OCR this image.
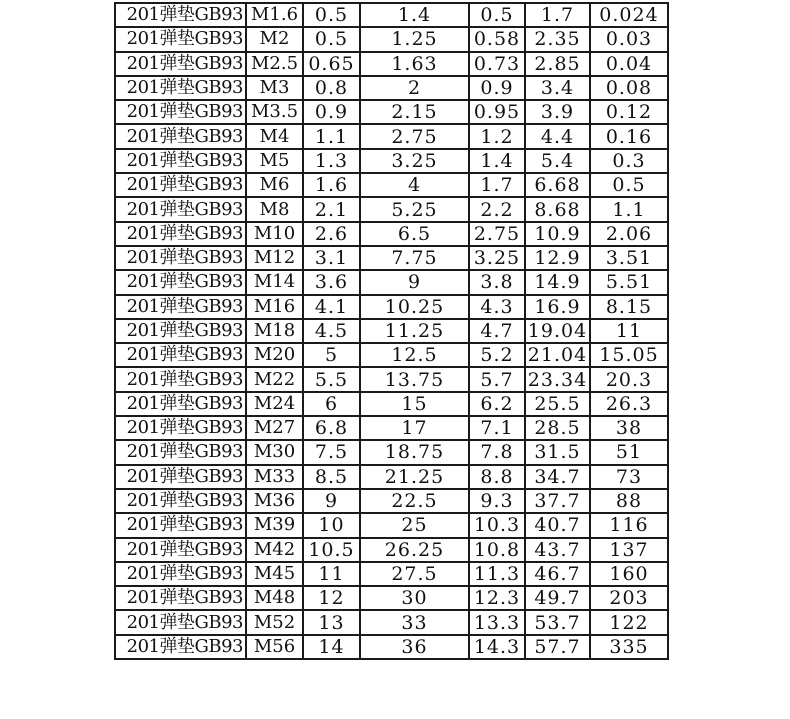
201弹垫GB93	M1.6	0.5	1.4	0.5	1.7	0.024
201弹垫GB93	M2	0.5	1.25	0.58	2.35	0.03
201弹垫GB93	M2.5	0.65	1.63	0.73	2.85	0.04
201弹垫GB93	M3	0.8	2	0.9	3.4	0.08
201弹垫GB93	M3.5	0.9	2.15	0.95	3.9	0.12
201弹垫GB93	M4	1.1	2.75	1.2	4.4	0.16
201弹垫GB93	M5	1.3	3.25	1.4	5.4	0.3
201弹垫GB93	M6	1.6	4	1.7	6.68	0.5
201弹垫GB93	M8	2.1	5.25	2.2	8.68	1.1
201弹垫GB93	M10	2.6	6.5	2.75	10.9	2.06
201弹垫GB93	M12	3.1	7.75	3.25	12.9	3.51
201弹垫GB93	M14	3.6	9	3.8	14.9	5.51
201弹垫GB93	M16	4.1	10.25	4.3	16.9	8.15
201弹垫GB93	M18	4.5	11.25	4.7	19.04	11
201弹垫GB93	M20	5	12.5	5.2	21.04	15.05
201弹垫GB93	M22	5.5	13.75	5.7	23.34	20.3
201弹垫GB93	M24	6	15	6.2	25.5	26.3
201弹垫GB93	M27	6.8	17	7.1	28.5	38
201弹垫GB93	M30	7.5	18.75	7.8	31.5	51
201弹垫GB93	M33	8.5	21.25	8.8	34.7	73
201弹垫GB93	M36	9	22.5	9.3	37.7	88
201弹垫GB93	M39	10	25	10.3	40.7	116
201弹垫GB93	M42	10.5	26.25	10.8	43.7	137
201弹垫GB93	M45	11	27.5	11.3	46.7	160
201弹垫GB93	M48	12	30	12.3	49.7	203
201弹垫GB93	M52	13	33	13.3	53.7	122
201弹垫GB93	M56	14	36	14.3	57.7	335
